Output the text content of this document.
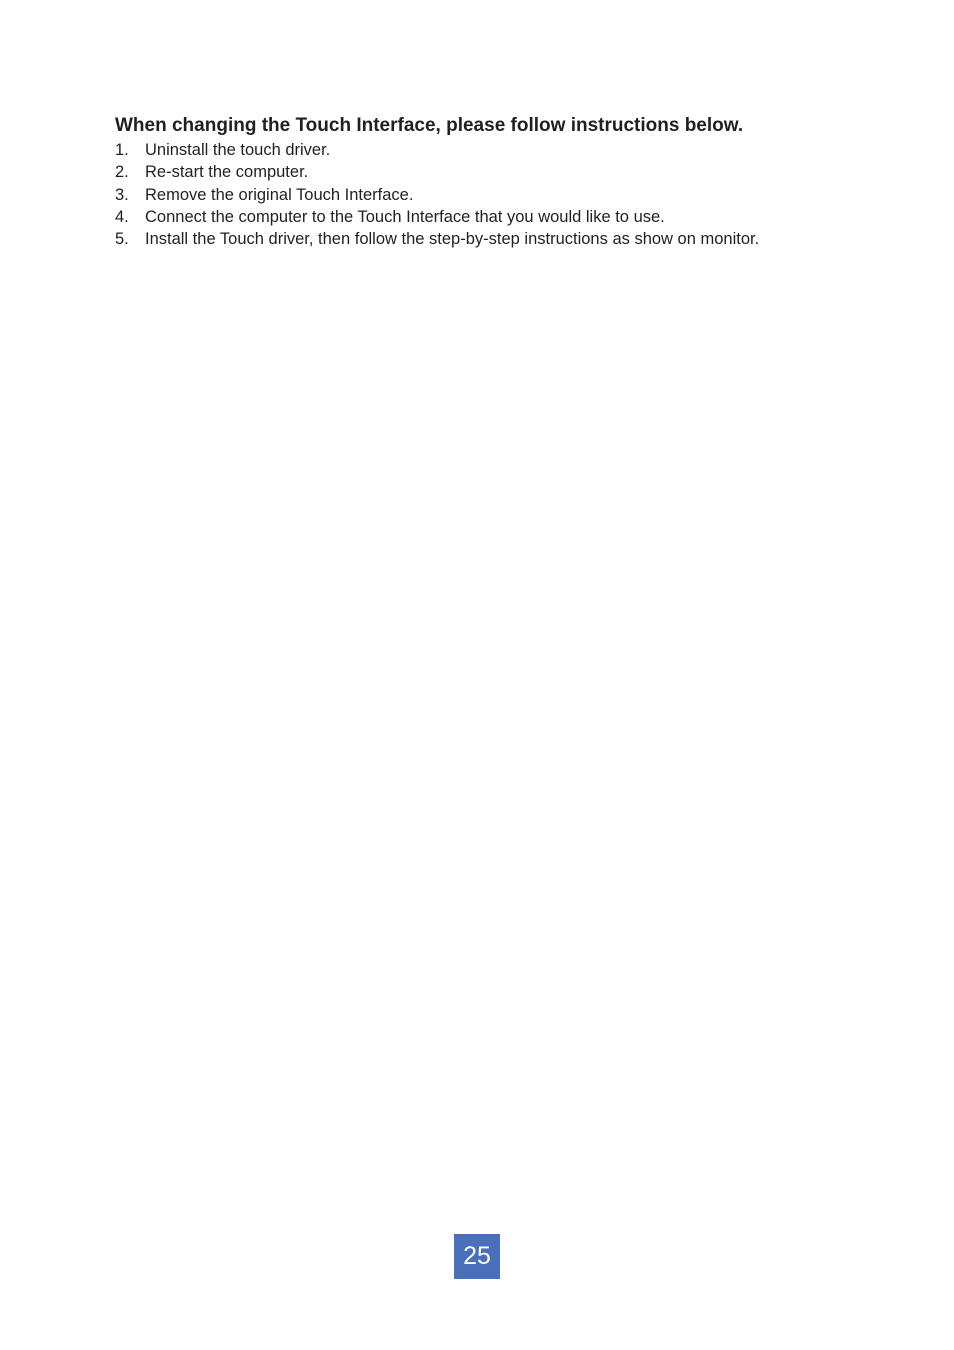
When changing the Touch Interface, please follow instructions below.
1. Uninstall the touch driver.
2. Re-start the computer.
3. Remove the original Touch Interface.
4. Connect the computer to the Touch Interface that you would like to use.
5. Install the Touch driver, then follow the step-by-step instructions as show on monitor.
25
